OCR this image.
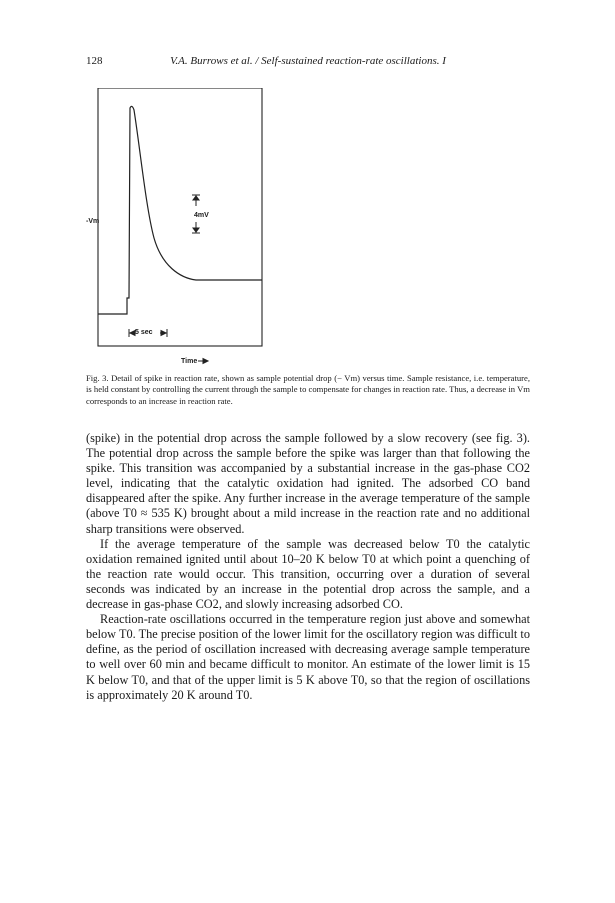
128	V.A. Burrows et al. / Self-sustained reaction-rate oscillations. I
-Vm
4mV
5 sec
Time

Fig. 3. Detail of spike in reaction rate, shown as sample potential drop (− Vm) versus time. Sample resistance, i.e. temperature, is held constant by controlling the current through the sample to compensate for changes in reaction rate. Thus, a decrease in Vm corresponds to an increase in reaction rate.

(spike) in the potential drop across the sample followed by a slow recovery (see fig. 3). The potential drop across the sample before the spike was larger than that following the spike. This transition was accompanied by a substantial increase in the gas-phase CO2 level, indicating that the catalytic oxidation had ignited. The adsorbed CO band disappeared after the spike. Any further increase in the average temperature of the sample (above T0 ≈ 535 K) brought about a mild increase in the reaction rate and no additional sharp transitions were observed.

If the average temperature of the sample was decreased below T0 the catalytic oxidation remained ignited until about 10–20 K below T0 at which point a quenching of the reaction rate would occur. This transition, occurring over a duration of several seconds was indicated by an increase in the potential drop across the sample, and a decrease in gas-phase CO2, and slowly increasing adsorbed CO.

Reaction-rate oscillations occurred in the temperature region just above and somewhat below T0. The precise position of the lower limit for the oscillatory region was difficult to define, as the period of oscillation increased with decreasing average sample temperature to well over 60 min and became difficult to monitor. An estimate of the lower limit is 15 K below T0, and that of the upper limit is 5 K above T0, so that the region of oscillations is approximately 20 K around T0.
